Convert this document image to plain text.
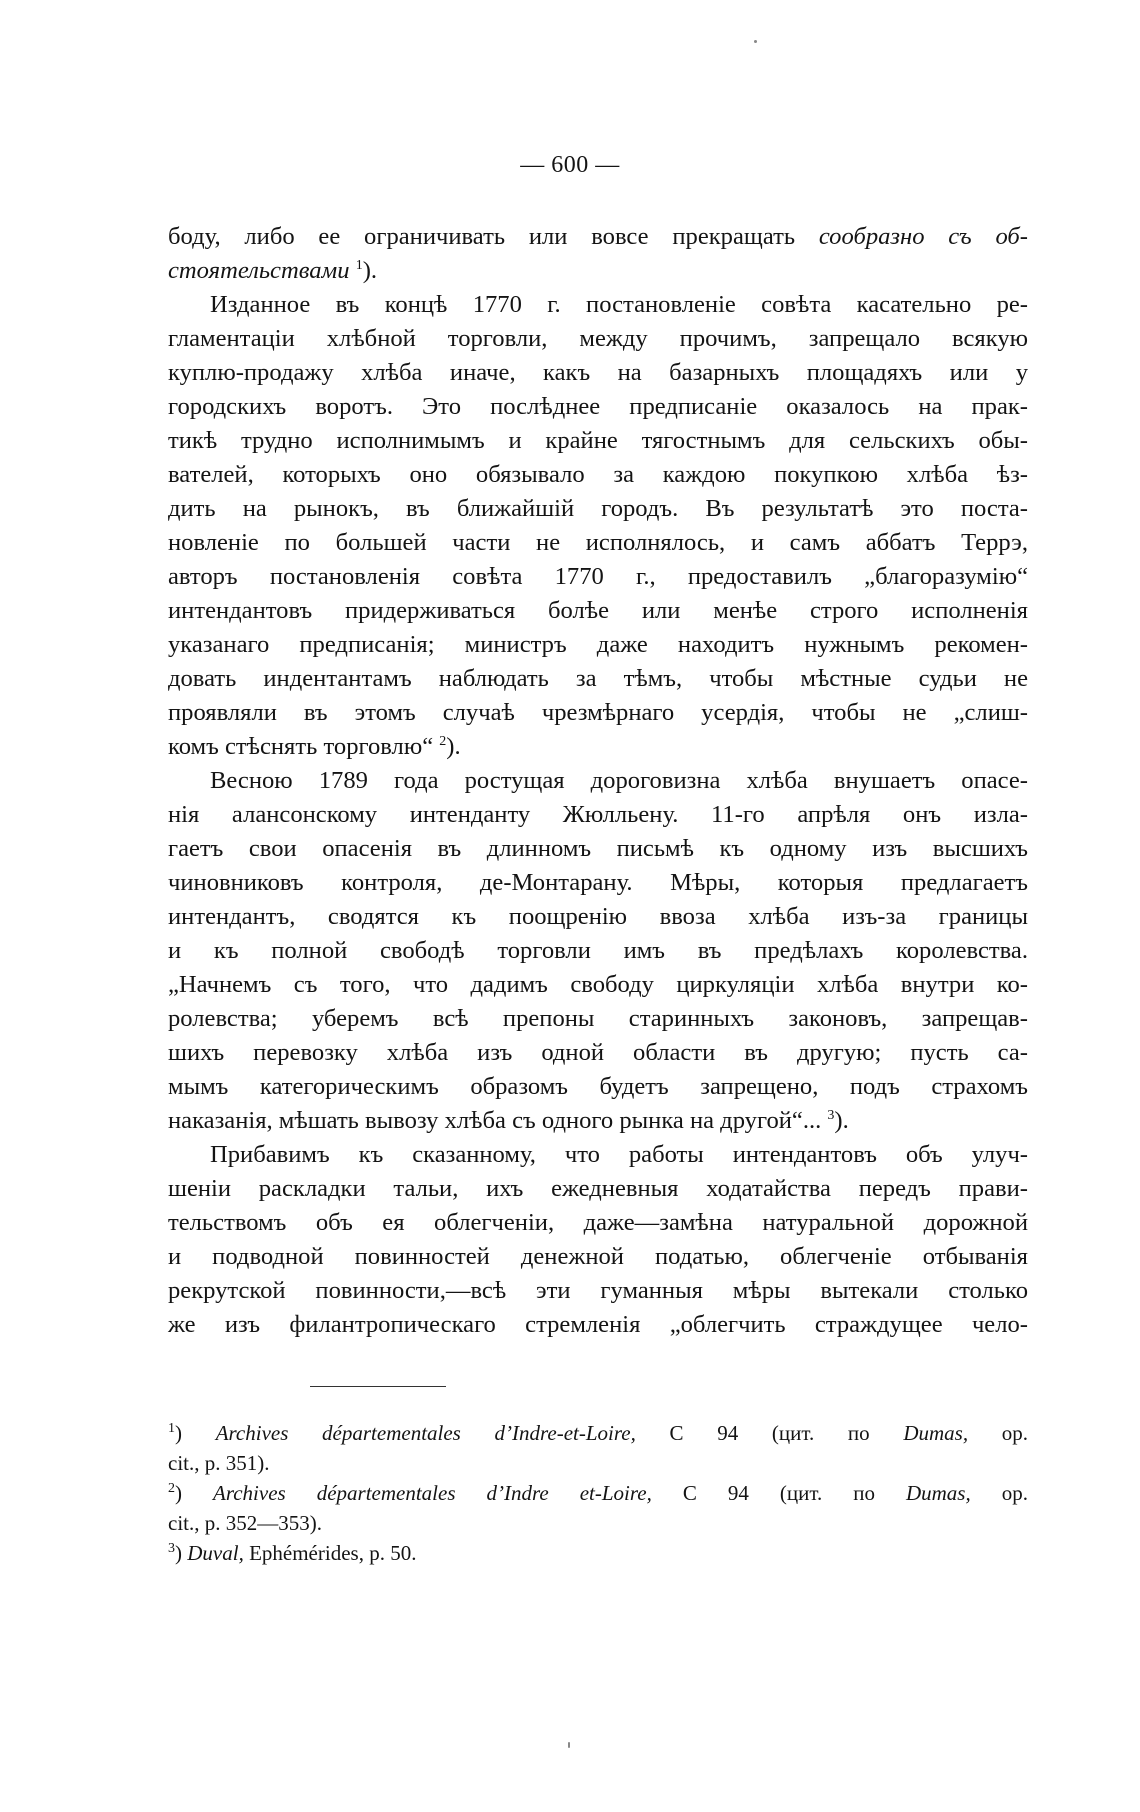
— 600 —

боду, либо ее ограничивать или вовсе прекращать сообразно съ об-
стоятельствами $^1$).

Изданное въ концѣ 1770 г. постановленіе совѣта касательно ре-
гламентаціи хлѣбной торговли, между прочимъ, запрещало всякую
куплю-продажу хлѣба иначе, какъ на базарныхъ площадяхъ или у
городскихъ воротъ. Это послѣднее предписаніе оказалось на прак-
тикѣ трудно исполнимымъ и крайне тягостнымъ для сельскихъ обы-
вателей, которыхъ оно обязывало за каждою покупкою хлѣба ѣз-
дить на рынокъ, въ ближайшій городъ. Въ результатѣ это поста-
новленіе по большей части не исполнялось, и самъ аббатъ Террэ,
авторъ постановленія совѣта 1770 г., предоставилъ „благоразумію“
интендантовъ придерживаться болѣе или менѣе строго исполненія
указанаго предписанія; министръ даже находитъ нужнымъ рекомен-
довать индентантамъ наблюдать за тѣмъ, чтобы мѣстные судьи не
проявляли въ этомъ случаѣ чрезмѣрнаго усердія, чтобы не „слиш-
комъ стѣснять торговлю“ $^2$).

Весною 1789 года ростущая дороговизна хлѣба внушаетъ опасе-
нія алансонскому интенданту Жюлльену. 11-го апрѣля онъ изла-
гаетъ свои опасенія въ длинномъ письмѣ къ одному изъ высшихъ
чиновниковъ контроля, де-Монтарану. Мѣры, которыя предлагаетъ
интендантъ, сводятся къ поощренію ввоза хлѣба изъ-за границы
и къ полной свободѣ торговли имъ въ предѣлахъ королевства.
„Начнемъ съ того, что дадимъ свободу циркуляціи хлѣба внутри ко-
ролевства; уберемъ всѣ препоны старинныхъ законовъ, запрещав-
шихъ перевозку хлѣба изъ одной области въ другую; пусть са-
мымъ категорическимъ образомъ будетъ запрещено, подъ страхомъ
наказанія, мѣшать вывозу хлѣба съ одного рынка на другой“... $^3$).

Прибавимъ къ сказанному, что работы интендантовъ объ улуч-
шеніи раскладки тальи, ихъ ежедневныя ходатайства передъ прави-
тельствомъ объ ея облегченіи, даже—замѣна натуральной дорожной
и подводной повинностей денежной податью, облегченіе отбыванія
рекрутской повинности,—всѣ эти гуманныя мѣры вытекали столько
же изъ филантропическаго стремленія „облегчить страждущее чело-

$^1$) Archives départementales d’Indre-et-Loire, С 94 (цит. по Dumas, op.
cit., p. 351).
$^2$) Archives départementales d’Indre et-Loire, С 94 (цит. по Dumas, op.
cit., p. 352—353).
$^3$) Duval, Ephémérides, p. 50.
